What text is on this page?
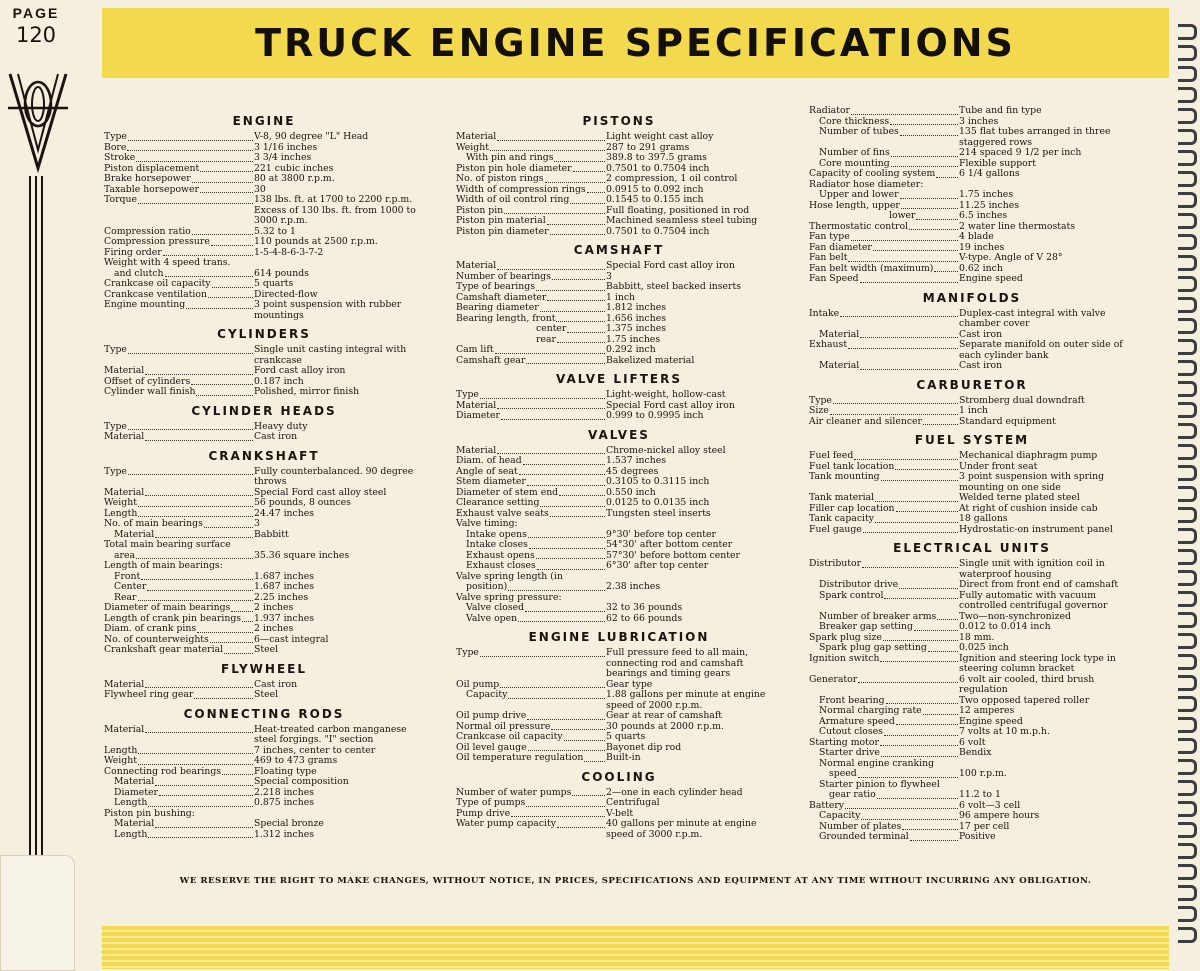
PAGE
120	TRUCK ENGINE SPECIFICATIONS
ENGINE
Type	V-8, 90 degree "L" Head
Bore	3 1/16 inches
Stroke	3 3/4 inches
Piston displacement	221 cubic inches
Brake horsepower	80 at 3800 r.p.m.
Taxable horsepower	30
Torque	138 lbs. ft. at 1700 to 2200 r.p.m. Excess of 130 lbs. ft. from 1000 to 3000 r.p.m.
Compression ratio	5.32 to 1
Compression pressure	110 pounds at 2500 r.p.m.
Firing order	1-5-4-8-6-3-7-2
Weight with 4 speed trans.
and clutch	614 pounds
Crankcase oil capacity	5 quarts
Crankcase ventilation	Directed-flow
Engine mounting	3 point suspension with rubber mountings
CYLINDERS
Type	Single unit casting integral with crankcase
Material	Ford cast alloy iron
Offset of cylinders	0.187 inch
Cylinder wall finish	Polished, mirror finish
CYLINDER HEADS
Type	Heavy duty
Material	Cast iron
CRANKSHAFT
Type	Fully counterbalanced. 90 degree throws
Material	Special Ford cast alloy steel
Weight	56 pounds, 8 ounces
Length	24.47 inches
No. of main bearings	3
Material	Babbitt
Total main bearing surface
area	35.36 square inches
Length of main bearings:
Front	1.687 inches
Center	1.687 inches
Rear	2.25 inches
Diameter of main bearings	2 inches
Length of crank pin bearings 1.937 inches
Diam. of crank pins	2 inches
No. of counterweights	6—cast integral
Crankshaft gear material	Steel
FLYWHEEL
Material	Cast iron
Flywheel ring gear	Steel
CONNECTING RODS
Material	Heat-treated carbon manganese steel forgings. "I" section
Length	7 inches, center to center
Weight	469 to 473 grams
Connecting rod bearings	Floating type
Material	Special composition
Diameter	2.218 inches
Length	0.875 inches
Piston pin bushing:
Material	Special bronze
Length	1.312 inches
PISTONS
Material	Light weight cast alloy
Weight	287 to 291 grams
With pin and rings	389.8 to 397.5 grams
Piston pin hole diameter	0.7501 to 0.7504 inch
No. of piston rings	2 compression, 1 oil control
Width of compression rings 0.0915 to 0.092 inch
Width of oil control ring	0.1545 to 0.155 inch
Piston pin	Full floating, positioned in rod
Piston pin material	Machined seamless steel tubing
Piston pin diameter	0.7501 to 0.7504 inch
CAMSHAFT
Material	Special Ford cast alloy iron
Number of bearings	3
Type of bearings	Babbitt, steel backed inserts
Camshaft diameter	1 inch
Bearing diameter	1.812 inches
Bearing length, front	1.656 inches
center	1.375 inches
rear	1.75 inches
Cam lift	0.292 inch
Camshaft gear	Bakelized material
VALVE LIFTERS
Type	Light-weight, hollow-cast
Material	Special Ford cast alloy iron
Diameter	0.999 to 0.9995 inch
VALVES
Material	Chrome-nickel alloy steel
Diam. of head	1.537 inches
Angle of seat	45 degrees
Stem diameter	0.3105 to 0.3115 inch
Diameter of stem end	0.550 inch
Clearance setting	0.0125 to 0.0135 inch
Exhaust valve seats	Tungsten steel inserts
Valve timing:
Intake opens	9°30' before top center
Intake closes	54°30' after bottom center
Exhaust opens	57°30' before bottom center
Exhaust closes	6°30' after top center
Valve spring length (in
position)	2.38 inches
Valve spring pressure:
Valve closed	32 to 36 pounds
Valve open	62 to 66 pounds
ENGINE LUBRICATION
Type	Full pressure feed to all main, connecting rod and camshaft bearings and timing gears
Oil pump	Gear type
Capacity	1.88 gallons per minute at engine speed of 2000 r.p.m.
Oil pump drive	Gear at rear of camshaft
Normal oil pressure	30 pounds at 2000 r.p.m.
Crankcase oil capacity	5 quarts
Oil level gauge	Bayonet dip rod
Oil temperature regulation Built-in
COOLING
Number of water pumps	2—one in each cylinder head
Type of pumps	Centrifugal
Pump drive	V-belt
Water pump capacity	40 gallons per minute at engine speed of 3000 r.p.m.
Radiator	Tube and fin type
Core thickness	3 inches
Number of tubes	135 flat tubes arranged in three staggered rows
Number of fins	214 spaced 9 1/2 per inch
Core mounting	Flexible support
Capacity of cooling system	6 1/4 gallons
Radiator hose diameter:
Upper and lower	1.75 inches
Hose length, upper	11.25 inches
lower	6.5 inches
Thermostatic control	2 water line thermostats
Fan type	4 blade
Fan diameter	19 inches
Fan belt	V-type. Angle of V 28°
Fan belt width (maximum)	0.62 inch
Fan Speed	Engine speed
MANIFOLDS
Intake	Duplex-cast integral with valve chamber cover
Material	Cast iron
Exhaust	Separate manifold on outer side of each cylinder bank
Material	Cast iron
CARBURETOR
Type	Stromberg dual downdraft
Size	1 inch
Air cleaner and silencer	Standard equipment
FUEL SYSTEM
Fuel feed	Mechanical diaphragm pump
Fuel tank location	Under front seat
Tank mounting	3 point suspension with spring mounting on one side
Tank material	Welded terne plated steel
Filler cap location	At right of cushion inside cab
Tank capacity	18 gallons
Fuel gauge	Hydrostatic-on instrument panel
ELECTRICAL UNITS
Distributor	Single unit with ignition coil in waterproof housing
Distributor drive	Direct from front end of camshaft
Spark control	Fully automatic with vacuum controlled centrifugal governor
Number of breaker arms Two—non-synchronized
Breaker gap setting	0.012 to 0.014 inch
Spark plug size	18 mm.
Spark plug gap setting	0.025 inch
Ignition switch	Ignition and steering lock type in steering column bracket
Generator	6 volt air cooled, third brush regulation
Front bearing	Two opposed tapered roller
Normal charging rate	12 amperes
Armature speed	Engine speed
Cutout closes	7 volts at 10 m.p.h.
Starting motor	6 volt
Starter drive	Bendix
Normal engine cranking
speed	100 r.p.m.
Starter pinion to flywheel
gear ratio	11.2 to 1
Battery	6 volt—3 cell
Capacity	96 ampere hours
Number of plates	17 per cell
Grounded terminal	Positive
WE RESERVE THE RIGHT TO MAKE CHANGES, WITHOUT NOTICE, IN PRICES, SPECIFICATIONS AND EQUIPMENT AT ANY TIME WITHOUT INCURRING ANY OBLIGATION.
